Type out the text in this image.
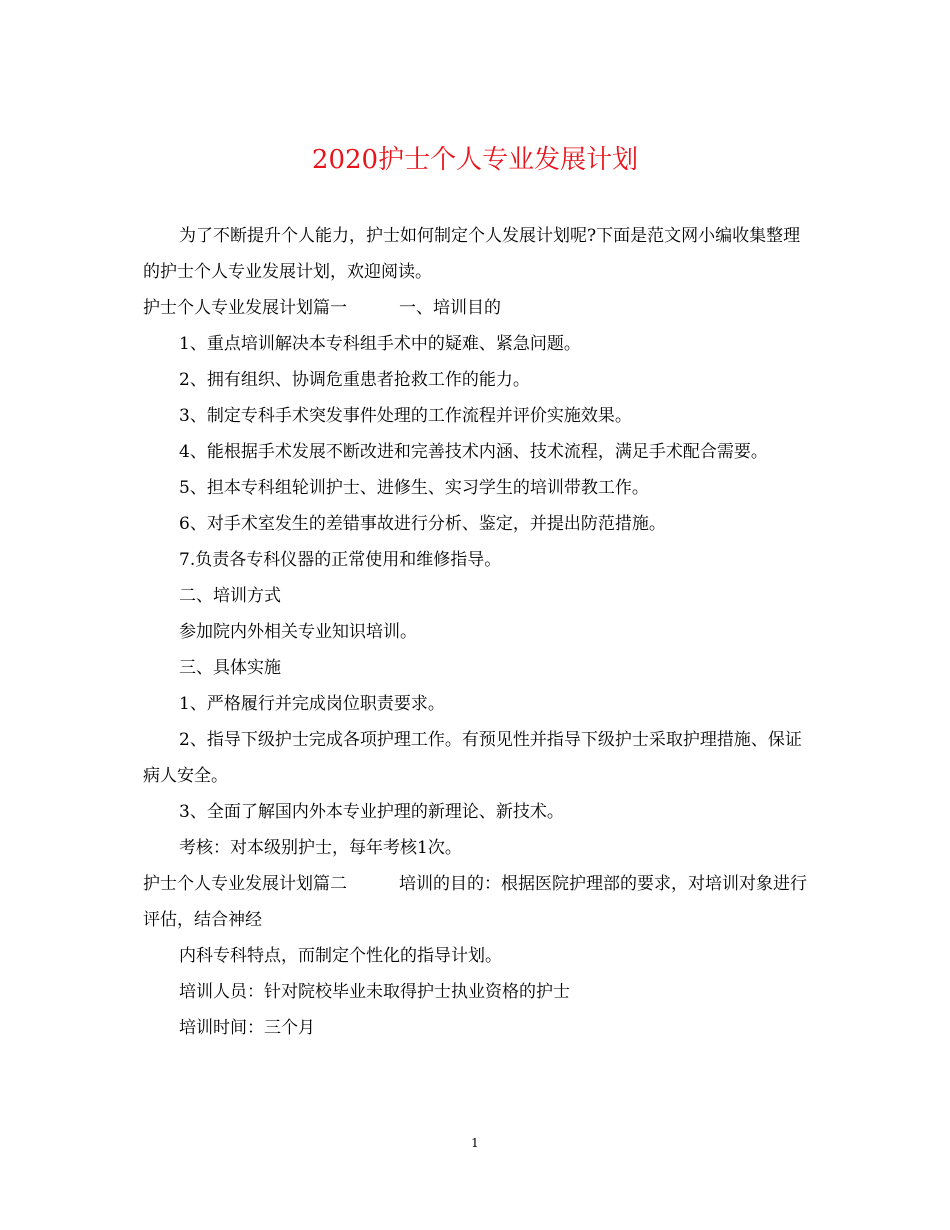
2020护士个人专业发展计划

为了不断提升个人能力，护士如何制定个人发展计划呢?下面是范文网小编收集整理的护士个人专业发展计划，欢迎阅读。

护士个人专业发展计划篇一	一、培训目的

1、重点培训解决本专科组手术中的疑难、紧急问题。

2、拥有组织、协调危重患者抢救工作的能力。

3、制定专科手术突发事件处理的工作流程并评价实施效果。

4、能根据手术发展不断改进和完善技术内涵、技术流程，满足手术配合需要。

5、担本专科组轮训护士、进修生、实习学生的培训带教工作。

6、对手术室发生的差错事故进行分析、鉴定，并提出防范措施。

7.负责各专科仪器的正常使用和维修指导。

二、培训方式

参加院内外相关专业知识培训。

三、具体实施

1、严格履行并完成岗位职责要求。

2、指导下级护士完成各项护理工作。有预见性并指导下级护士采取护理措施、保证病人安全。

3、全面了解国内外本专业护理的新理论、新技术。

考核：对本级别护士，每年考核1次。

护士个人专业发展计划篇二	培训的目的：根据医院护理部的要求，对培训对象进行评估，结合神经

内科专科特点，而制定个性化的指导计划。

培训人员：针对院校毕业未取得护士执业资格的护士

培训时间：三个月

1
